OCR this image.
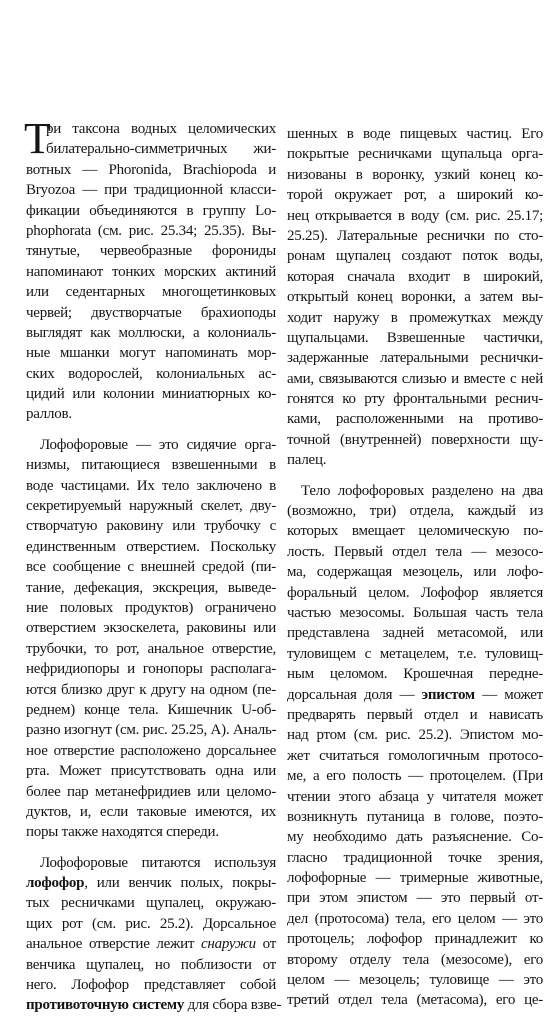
Т
ри таксона водных целомических
билатерально-симметричных жи-
вотных — Phoronida, Brachiopoda и
Bryozoa — при традиционной класси-
фикации объединяются в группу Lo-
phophorata (см. рис. 25.34; 25.35). Вы-
тянутые, червеобразные форониды
напоминают тонких морских актиний
или седентарных многощетинковых
червей; двустворчатые брахиоподы
выглядят как моллюски, а колониаль-
ные мшанки могут напоминать мор-
ских водорослей, колониальных ас-
цидий или колонии миниатюрных ко-
раллов.
Лофофоровые — это сидячие орга-
низмы, питающиеся взвешенными в
воде частицами. Их тело заключено в
секретируемый наружный скелет, дву-
створчатую раковину или трубочку с
единственным отверстием. Поскольку
все сообщение с внешней средой (пи-
тание, дефекация, экскреция, выведе-
ние половых продуктов) ограничено
отверстием экзоскелета, раковины или
трубочки, то рот, анальное отверстие,
нефридиопоры и гонопоры располага-
ются близко друг к другу на одном (пе-
реднем) конце тела. Кишечник U-об-
разно изогнут (см. рис. 25.25, А). Аналь-
ное отверстие расположено дорсальнее
рта. Может присутствовать одна или
более пар метанефридиев или целомо-
дуктов, и, если таковые имеются, их
поры также находятся спереди.
Лофофоровые питаются используя
лофофор, или венчик полых, покры-
тых ресничками щупалец, окружаю-
щих рот (см. рис. 25.2). Дорсальное
анальное отверстие лежит снаружи от
венчика щупалец, но поблизости от
него. Лофофор представляет собой
противоточную систему для сбора взве-
шенных в воде пищевых частиц. Его
покрытые ресничками щупальца орга-
низованы в воронку, узкий конец ко-
торой окружает рот, а широкий ко-
нец открывается в воду (см. рис. 25.17;
25.25). Латеральные реснички по сто-
ронам щупалец создают поток воды,
которая сначала входит в широкий,
открытый конец воронки, а затем вы-
ходит наружу в промежутках между
щупальцами. Взвешенные частички,
задержанные латеральными реснички-
ами, связываются слизью и вместе с ней
гонятся ко рту фронтальными реснич-
ками, расположенными на противо-
точной (внутренней) поверхности щу-
палец.
Тело лофофоровых разделено на два
(возможно, три) отдела, каждый из
которых вмещает целомическую по-
лость. Первый отдел тела — мезосо-
ма, содержащая мезоцель, или лофо-
форальный целом. Лофофор является
частью мезосомы. Большая часть тела
представлена задней метасомой, или
туловищем с метацелем, т.е. туловищ-
ным целомом. Крошечная передне-
дорсальная доля — эпистом — может
предварять первый отдел и нависать
над ртом (см. рис. 25.2). Эпистом мо-
жет считаться гомологичным протосо-
ме, а его полость — протоцелем. (При
чтении этого абзаца у читателя может
возникнуть путаница в голове, поэто-
му необходимо дать разъяснение. Со-
гласно традиционной точке зрения,
лофофорные — тримерные животные,
при этом эпистом — это первый от-
дел (протосома) тела, его целом — это
протоцель; лофофор принадлежит ко
второму отделу тела (мезосоме), его
целом — мезоцель; туловище — это
третий отдел тела (метасома), его це-
